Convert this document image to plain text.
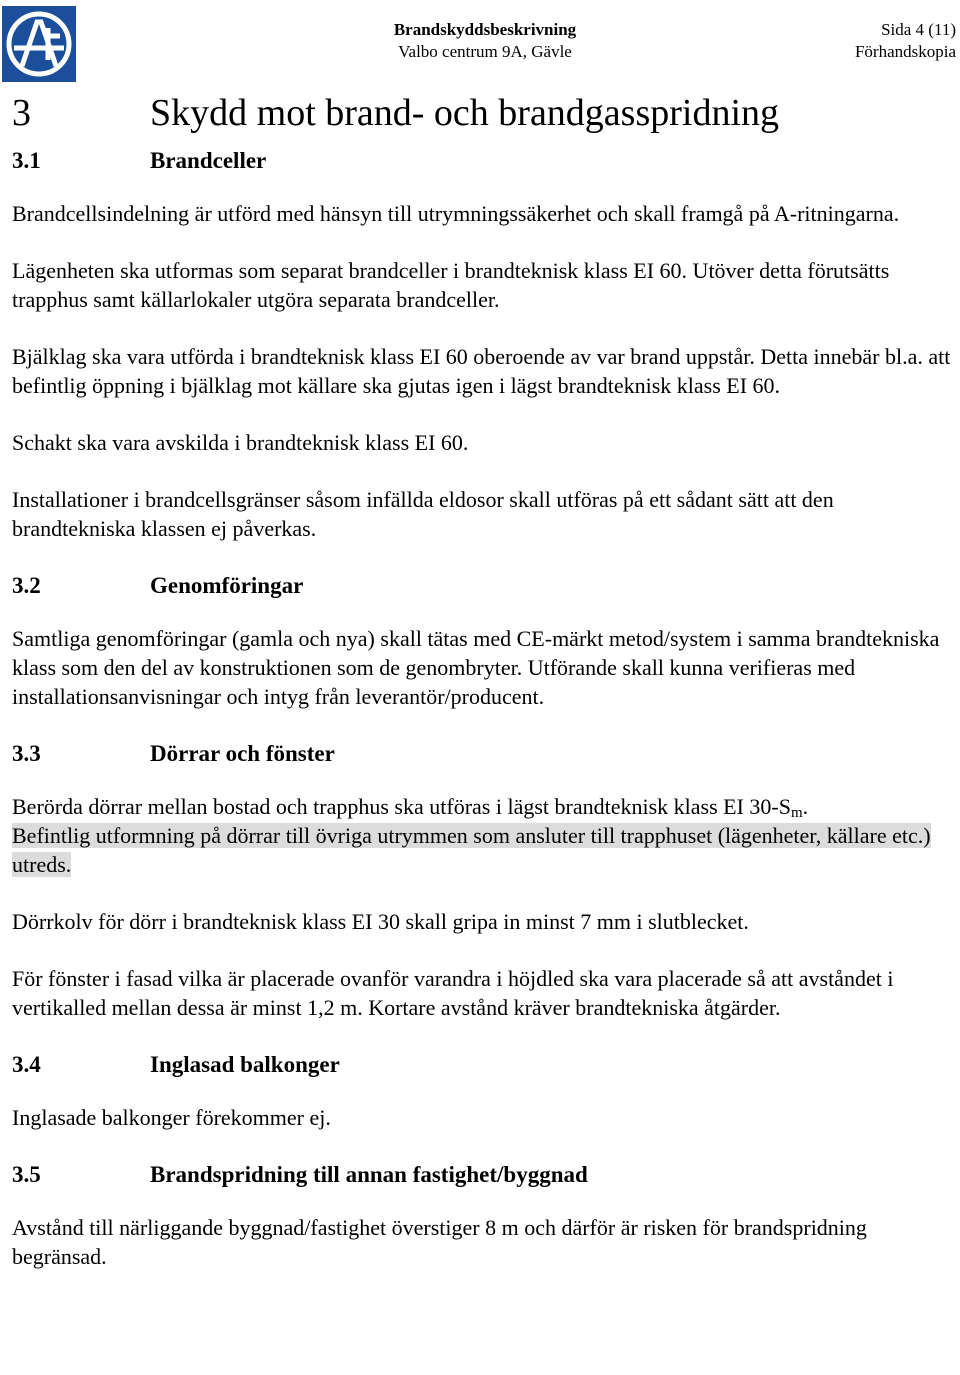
Brandskyddsbeskrivning
Valbo centrum 9A, Gävle
Sida 4 (11)
Förhandskopia
3	Skydd mot brand- och brandgasspridning
3.1	Brandceller

Brandcellsindelning är utförd med hänsyn till utrymningssäkerhet och skall framgå på A-ritningarna.

Lägenheten ska utformas som separat brandceller i brandteknisk klass EI 60. Utöver detta förutsätts trapphus samt källarlokaler utgöra separata brandceller.

Bjälklag ska vara utförda i brandteknisk klass EI 60 oberoende av var brand uppstår. Detta innebär bl.a. att befintlig öppning i bjälklag mot källare ska gjutas igen i lägst brandteknisk klass EI 60.

Schakt ska vara avskilda i brandteknisk klass EI 60.

Installationer i brandcellsgränser såsom infällda eldosor skall utföras på ett sådant sätt att den brandtekniska klassen ej påverkas.

3.2	Genomföringar

Samtliga genomföringar (gamla och nya) skall tätas med CE-märkt metod/system i samma brandtekniska klass som den del av konstruktionen som de genombryter. Utförande skall kunna verifieras med installationsanvisningar och intyg från leverantör/producent.

3.3	Dörrar och fönster

Berörda dörrar mellan bostad och trapphus ska utföras i lägst brandteknisk klass EI $30-S_m$.
Befintlig utformning på dörrar till övriga utrymmen som ansluter till trapphuset (lägenheter, källare etc.) utreds.

Dörrkolv för dörr i brandteknisk klass EI 30 skall gripa in minst 7 mm i slutblecket.

För fönster i fasad vilka är placerade ovanför varandra i höjdled ska vara placerade så att avståndet i vertikalled mellan dessa är minst 1,2 m. Kortare avstånd kräver brandtekniska åtgärder.

3.4	Inglasad balkonger

Inglasade balkonger förekommer ej.

3.5	Brandspridning till annan fastighet/byggnad

Avstånd till närliggande byggnad/fastighet överstiger 8 m och därför är risken för brandspridning begränsad.
